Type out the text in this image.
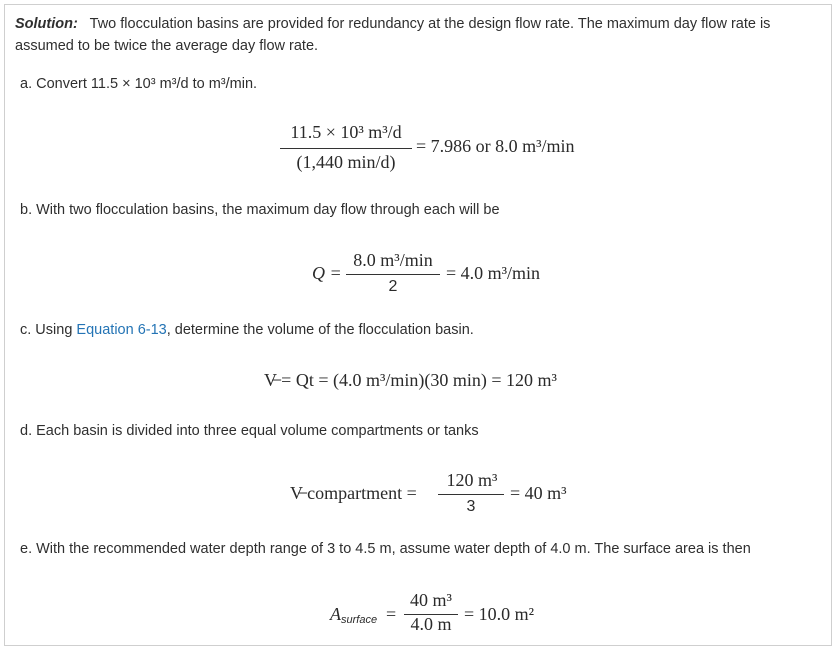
Solution: Two flocculation basins are provided for redundancy at the design flow rate. The maximum day flow rate is assumed to be twice the average day flow rate.
a. Convert 11.5 × 10³ m³/d to m³/min.
11.5 × 10³ m³/d
(1,440 min/d)
= 7.986 or 8.0 m³/min
b. With two flocculation basins, the maximum day flow through each will be
Q =
8.0 m³/min
2
= 4.0 m³/min
c. Using Equation 6-13, determine the volume of the flocculation basin.
V̶ = Qt = (4.0 m³/min)(30 min) = 120 m³
d. Each basin is divided into three equal volume compartments or tanks
V̶ compartment =
120 m³
3
= 40 m³
e. With the recommended water depth range of 3 to 4.5 m, assume water depth of 4.0 m. The surface area is then
$A_{surface}$ =
40 m³
4.0 m = 10.0 m²
